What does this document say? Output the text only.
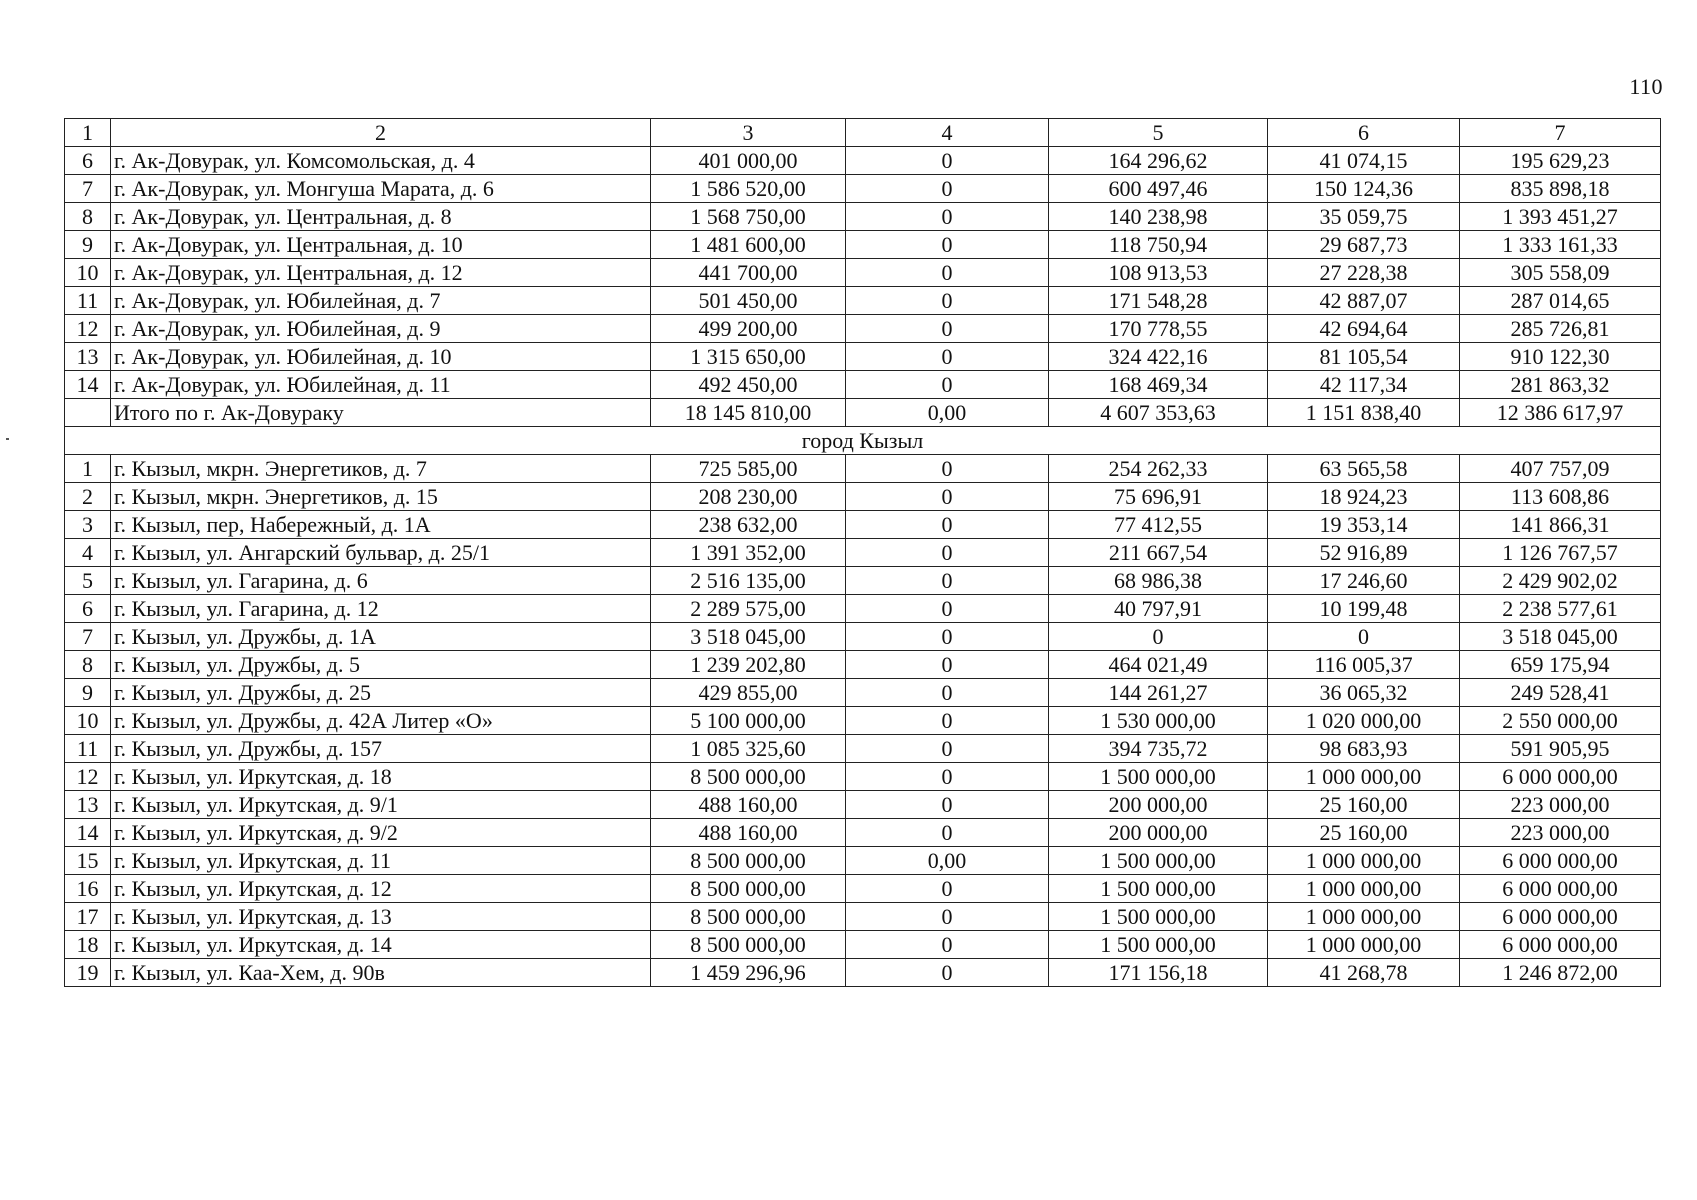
110
1	2	3	4	5	6	7
6	г. Ак-Довурак, ул. Комсомольская, д. 4	401 000,00	0	164 296,62	41 074,15	195 629,23
7	г. Ак-Довурак, ул. Монгуша Марата, д. 6	1 586 520,00	0	600 497,46	150 124,36	835 898,18
8	г. Ак-Довурак, ул. Центральная, д. 8	1 568 750,00	0	140 238,98	35 059,75	1 393 451,27
9	г. Ак-Довурак, ул. Центральная, д. 10	1 481 600,00	0	118 750,94	29 687,73	1 333 161,33
10	г. Ак-Довурак, ул. Центральная, д. 12	441 700,00	0	108 913,53	27 228,38	305 558,09
11	г. Ак-Довурак, ул. Юбилейная, д. 7	501 450,00	0	171 548,28	42 887,07	287 014,65
12	г. Ак-Довурак, ул. Юбилейная, д. 9	499 200,00	0	170 778,55	42 694,64	285 726,81
13	г. Ак-Довурак, ул. Юбилейная, д. 10	1 315 650,00	0	324 422,16	81 105,54	910 122,30
14	г. Ак-Довурак, ул. Юбилейная, д. 11	492 450,00	0	168 469,34	42 117,34	281 863,32
	Итого по г. Ак-Довураку	18 145 810,00	0,00	4 607 353,63	1 151 838,40	12 386 617,97
город Кызыл						
1	г. Кызыл, мкрн. Энергетиков, д. 7	725 585,00	0	254 262,33	63 565,58	407 757,09
2	г. Кызыл, мкрн. Энергетиков, д. 15	208 230,00	0	75 696,91	18 924,23	113 608,86
3	г. Кызыл, пер, Набережный, д. 1А	238 632,00	0	77 412,55	19 353,14	141 866,31
4	г. Кызыл, ул. Ангарский бульвар, д. 25/1	1 391 352,00	0	211 667,54	52 916,89	1 126 767,57
5	г. Кызыл, ул. Гагарина, д. 6	2 516 135,00	0	68 986,38	17 246,60	2 429 902,02
6	г. Кызыл, ул. Гагарина, д. 12	2 289 575,00	0	40 797,91	10 199,48	2 238 577,61
7	г. Кызыл, ул. Дружбы, д. 1А	3 518 045,00	0	0	0	3 518 045,00
8	г. Кызыл, ул. Дружбы, д. 5	1 239 202,80	0	464 021,49	116 005,37	659 175,94
9	г. Кызыл, ул. Дружбы, д. 25	429 855,00	0	144 261,27	36 065,32	249 528,41
10	г. Кызыл, ул. Дружбы, д. 42А Литер «О»	5 100 000,00	0	1 530 000,00	1 020 000,00	2 550 000,00
11	г. Кызыл, ул. Дружбы, д. 157	1 085 325,60	0	394 735,72	98 683,93	591 905,95
12	г. Кызыл, ул. Иркутская, д. 18	8 500 000,00	0	1 500 000,00	1 000 000,00	6 000 000,00
13	г. Кызыл, ул. Иркутская, д. 9/1	488 160,00	0	200 000,00	25 160,00	223 000,00
14	г. Кызыл, ул. Иркутская, д. 9/2	488 160,00	0	200 000,00	25 160,00	223 000,00
15	г. Кызыл, ул. Иркутская, д. 11	8 500 000,00	0,00	1 500 000,00	1 000 000,00	6 000 000,00
16	г. Кызыл, ул. Иркутская, д. 12	8 500 000,00	0	1 500 000,00	1 000 000,00	6 000 000,00
17	г. Кызыл, ул. Иркутская, д. 13	8 500 000,00	0	1 500 000,00	1 000 000,00	6 000 000,00
18	г. Кызыл, ул. Иркутская, д. 14	8 500 000,00	0	1 500 000,00	1 000 000,00	6 000 000,00
19	г. Кызыл, ул. Каа-Хем, д. 90в	1 459 296,96	0	171 156,18	41 268,78	1 246 872,00
